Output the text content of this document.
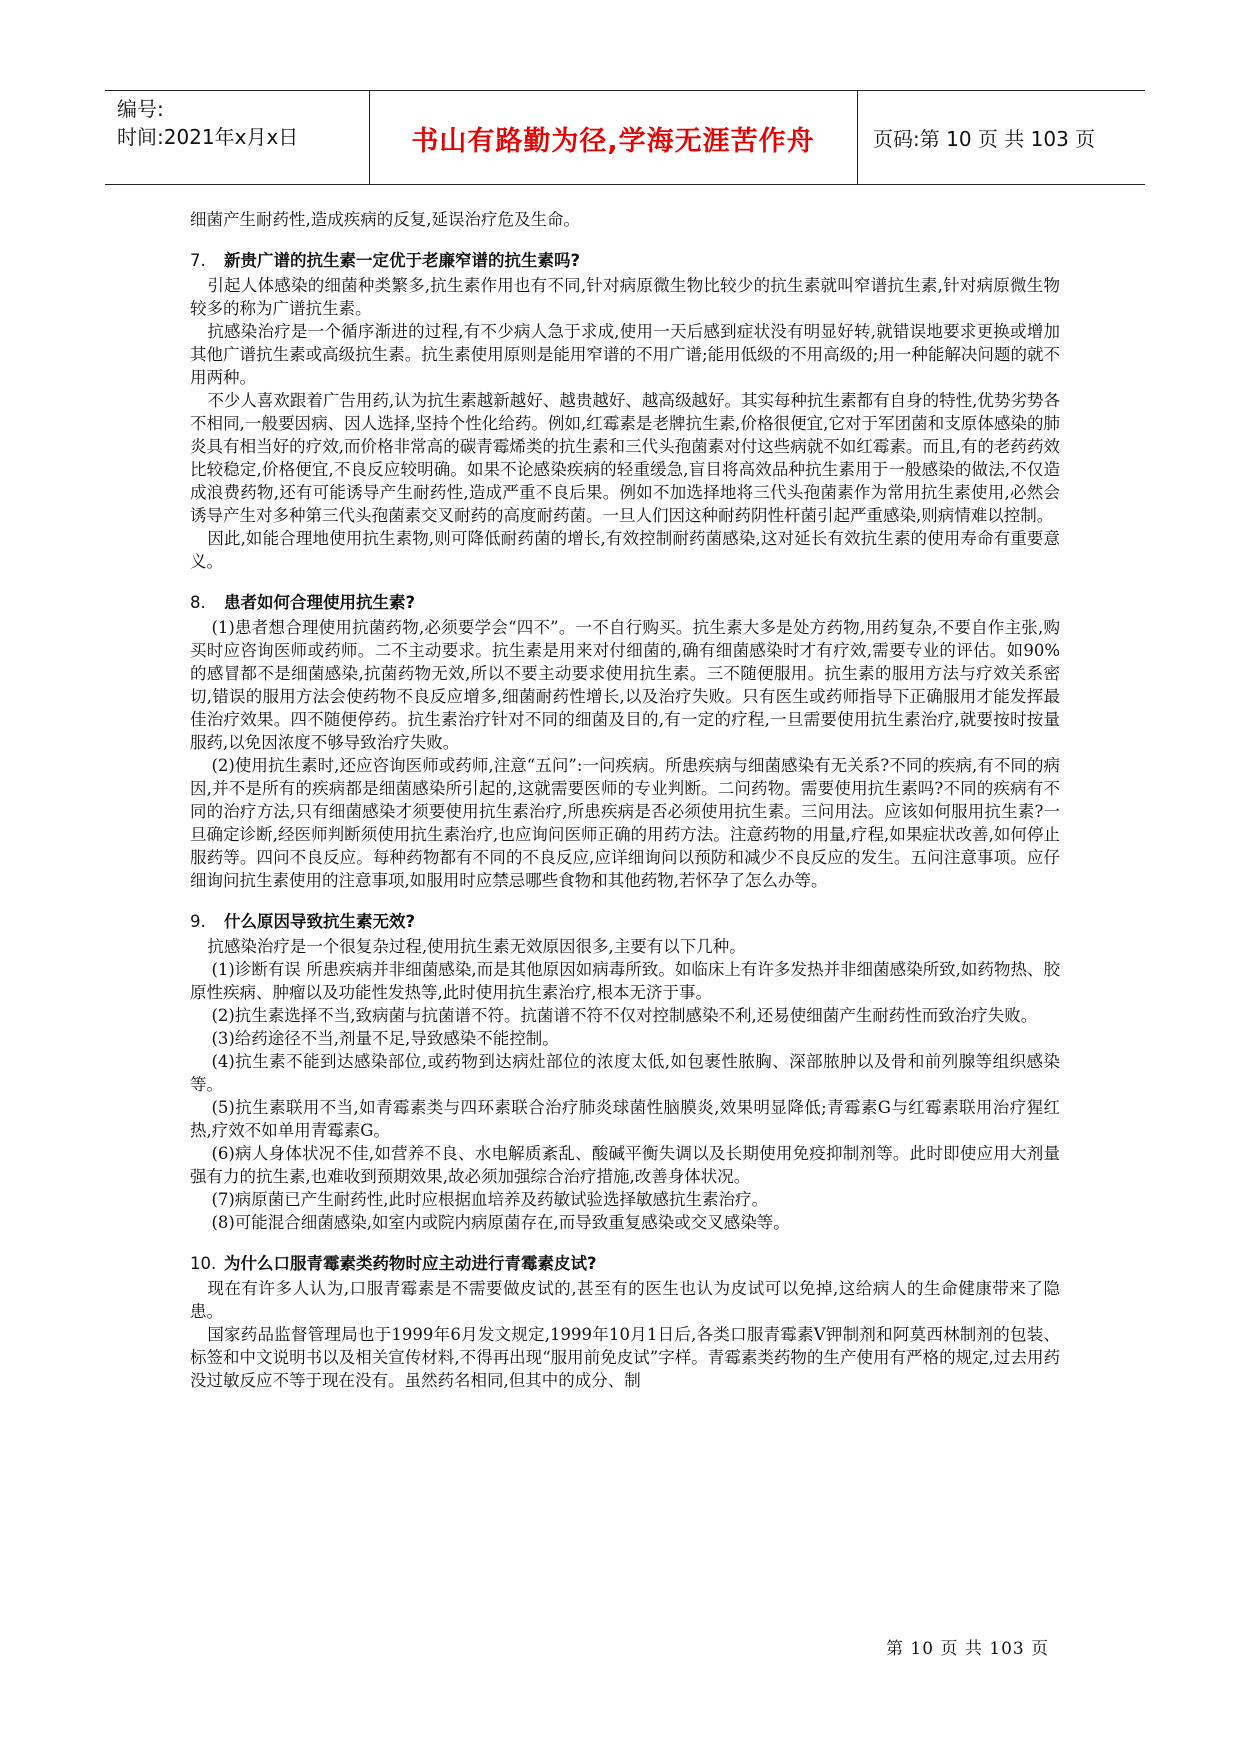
编号:
时间:2021年x月x日	书山有路勤为径,学海无涯苦作舟	页码:第 10 页 共 103 页

细菌产生耐药性,造成疾病的反复,延误治疗危及生命。

7. 新贵广谱的抗生素一定优于老廉窄谱的抗生素吗?

引起人体感染的细菌种类繁多,抗生素作用也有不同,针对病原微生物比较少的抗生素就叫窄谱抗生素,针对病原微生物较多的称为广谱抗生素。

抗感染治疗是一个循序渐进的过程,有不少病人急于求成,使用一天后感到症状没有明显好转,就错误地要求更换或增加其他广谱抗生素或高级抗生素。抗生素使用原则是能用窄谱的不用广谱;能用低级的不用高级的;用一种能解决问题的就不用两种。

不少人喜欢跟着广告用药,认为抗生素越新越好、越贵越好、越高级越好。其实每种抗生素都有自身的特性,优势劣势各不相同,一般要因病、因人选择,坚持个性化给药。例如,红霉素是老牌抗生素,价格很便宜,它对于军团菌和支原体感染的肺炎具有相当好的疗效,而价格非常高的碳青霉烯类的抗生素和三代头孢菌素对付这些病就不如红霉素。而且,有的老药药效比较稳定,价格便宜,不良反应较明确。如果不论感染疾病的轻重缓急,盲目将高效品种抗生素用于一般感染的做法,不仅造成浪费药物,还有可能诱导产生耐药性,造成严重不良后果。例如不加选择地将三代头孢菌素作为常用抗生素使用,必然会诱导产生对多种第三代头孢菌素交叉耐药的高度耐药菌。一旦人们因这种耐药阴性杆菌引起严重感染,则病情难以控制。

因此,如能合理地使用抗生素物,则可降低耐药菌的增长,有效控制耐药菌感染,这对延长有效抗生素的使用寿命有重要意义。

8. 患者如何合理使用抗生素?

(1)患者想合理使用抗菌药物,必须要学会“四不”。一不自行购买。抗生素大多是处方药物,用药复杂,不要自作主张,购买时应咨询医师或药师。二不主动要求。抗生素是用来对付细菌的,确有细菌感染时才有疗效,需要专业的评估。如90%的感冒都不是细菌感染,抗菌药物无效,所以不要主动要求使用抗生素。三不随便服用。抗生素的服用方法与疗效关系密切,错误的服用方法会使药物不良反应增多,细菌耐药性增长,以及治疗失败。只有医生或药师指导下正确服用才能发挥最佳治疗效果。四不随便停药。抗生素治疗针对不同的细菌及目的,有一定的疗程,一旦需要使用抗生素治疗,就要按时按量服药,以免因浓度不够导致治疗失败。

(2)使用抗生素时,还应咨询医师或药师,注意“五问”:一问疾病。所患疾病与细菌感染有无关系?不同的疾病,有不同的病因,并不是所有的疾病都是细菌感染所引起的,这就需要医师的专业判断。二问药物。需要使用抗生素吗?不同的疾病有不同的治疗方法,只有细菌感染才须要使用抗生素治疗,所患疾病是否必须使用抗生素。三问用法。应该如何服用抗生素?一旦确定诊断,经医师判断须使用抗生素治疗,也应询问医师正确的用药方法。注意药物的用量,疗程,如果症状改善,如何停止服药等。四问不良反应。每种药物都有不同的不良反应,应详细询问以预防和减少不良反应的发生。五问注意事项。应仔细询问抗生素使用的注意事项,如服用时应禁忌哪些食物和其他药物,若怀孕了怎么办等。

9. 什么原因导致抗生素无效?

抗感染治疗是一个很复杂过程,使用抗生素无效原因很多,主要有以下几种。

(1)诊断有误 所患疾病并非细菌感染,而是其他原因如病毒所致。如临床上有许多发热并非细菌感染所致,如药物热、胶原性疾病、肿瘤以及功能性发热等,此时使用抗生素治疗,根本无济于事。

(2)抗生素选择不当,致病菌与抗菌谱不符。抗菌谱不符不仅对控制感染不利,还易使细菌产生耐药性而致治疗失败。

(3)给药途径不当,剂量不足,导致感染不能控制。

(4)抗生素不能到达感染部位,或药物到达病灶部位的浓度太低,如包裹性脓胸、深部脓肿以及骨和前列腺等组织感染等。

(5)抗生素联用不当,如青霉素类与四环素联合治疗肺炎球菌性脑膜炎,效果明显降低;青霉素G与红霉素联用治疗猩红热,疗效不如单用青霉素G。

(6)病人身体状况不佳,如营养不良、水电解质紊乱、酸碱平衡失调以及长期使用免疫抑制剂等。此时即使应用大剂量强有力的抗生素,也难收到预期效果,故必须加强综合治疗措施,改善身体状况。

(7)病原菌已产生耐药性,此时应根据血培养及药敏试验选择敏感抗生素治疗。

(8)可能混合细菌感染,如室内或院内病原菌存在,而导致重复感染或交叉感染等。

10. 为什么口服青霉素类药物时应主动进行青霉素皮试?

现在有许多人认为,口服青霉素是不需要做皮试的,甚至有的医生也认为皮试可以免掉,这给病人的生命健康带来了隐患。

国家药品监督管理局也于1999年6月发文规定,1999年10月1日后,各类口服青霉素V钾制剂和阿莫西林制剂的包装、标签和中文说明书以及相关宣传材料,不得再出现“服用前免皮试”字样。青霉素类药物的生产使用有严格的规定,过去用药没过敏反应不等于现在没有。虽然药名相同,但其中的成分、制

第 10 页 共 103 页
